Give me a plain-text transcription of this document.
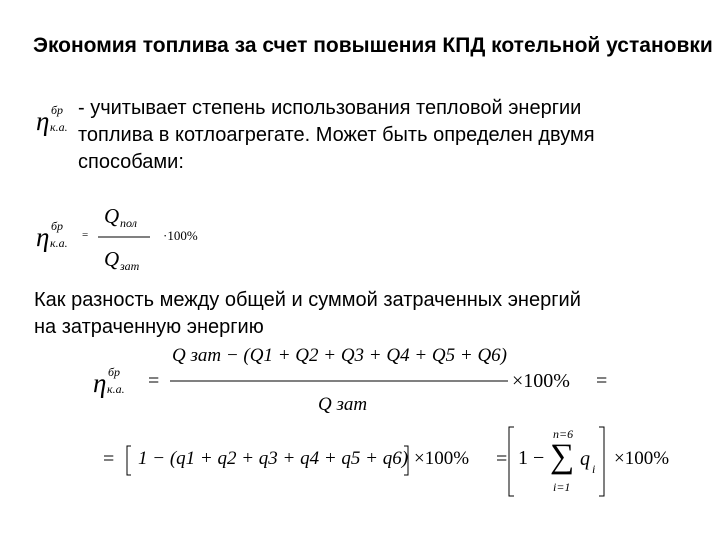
Экономия топлива за счет повышения КПД котельной установки
η бр
к.а.
- учитывает степень использования тепловой энергии
топлива в котлоагрегате. Может быть определен двумя
способами:
η бр
к.а.
=
Q пол
Q зат
·100%
Как разность между общей и суммой затраченных энергий
на затраченную энергию
η бр
к.а. =
Q зат − (Q1 + Q2 + Q3 + Q4 + Q5 + Q6)
Q зат
×100% =
= 1 − (q1 + q2 + q3 + q4 + q5 + q6) ×100% = 1 −
n=6
∑
i=1
q i ×100%
